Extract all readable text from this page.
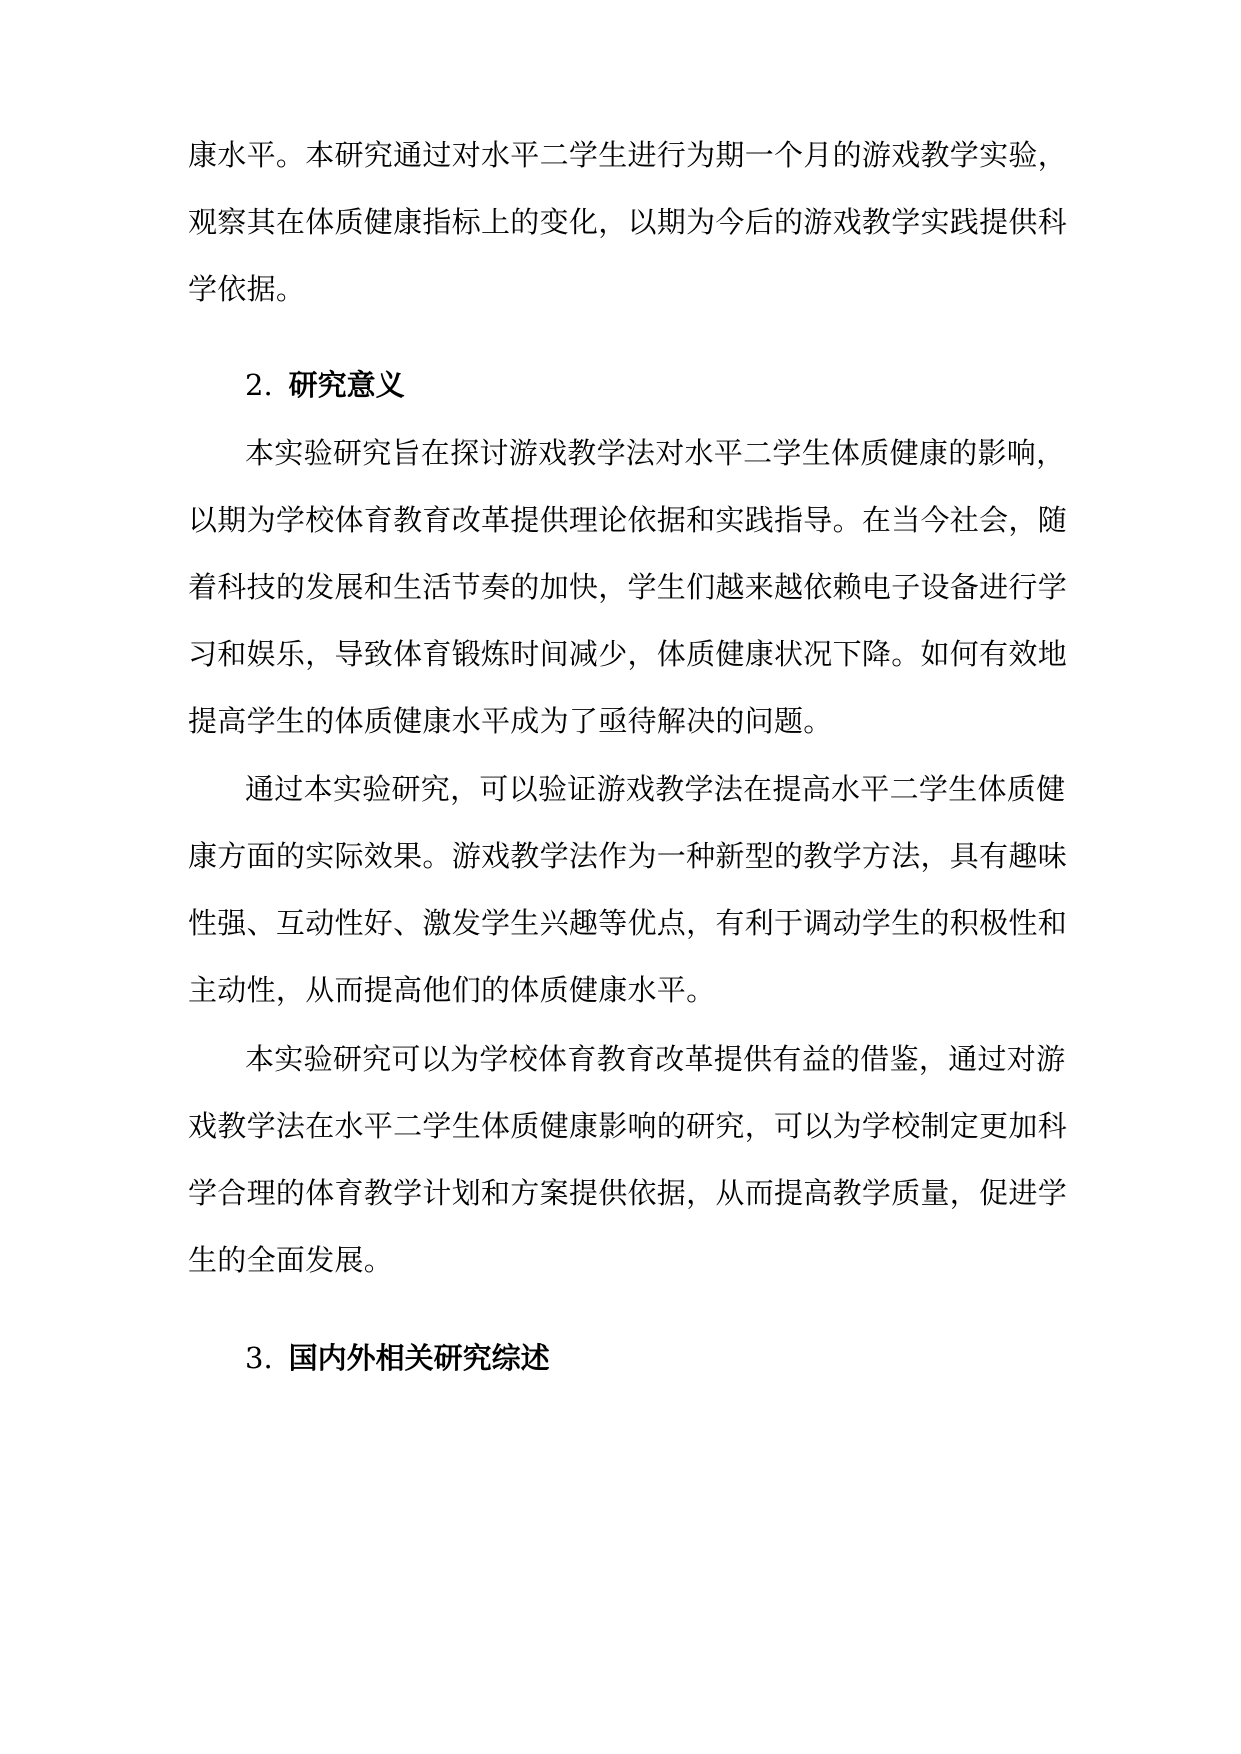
康水平。本研究通过对水平二学生进行为期一个月的游戏教学实验，
观察其在体质健康指标上的变化，以期为今后的游戏教学实践提供科
学依据。
2. 研究意义
本实验研究旨在探讨游戏教学法对水平二学生体质健康的影响，
以期为学校体育教育改革提供理论依据和实践指导。在当今社会，随
着科技的发展和生活节奏的加快，学生们越来越依赖电子设备进行学
习和娱乐，导致体育锻炼时间减少，体质健康状况下降。如何有效地
提高学生的体质健康水平成为了亟待解决的问题。
通过本实验研究，可以验证游戏教学法在提高水平二学生体质健
康方面的实际效果。游戏教学法作为一种新型的教学方法，具有趣味
性强、互动性好、激发学生兴趣等优点，有利于调动学生的积极性和
主动性，从而提高他们的体质健康水平。
本实验研究可以为学校体育教育改革提供有益的借鉴，通过对游
戏教学法在水平二学生体质健康影响的研究，可以为学校制定更加科
学合理的体育教学计划和方案提供依据，从而提高教学质量，促进学
生的全面发展。
3. 国内外相关研究综述
